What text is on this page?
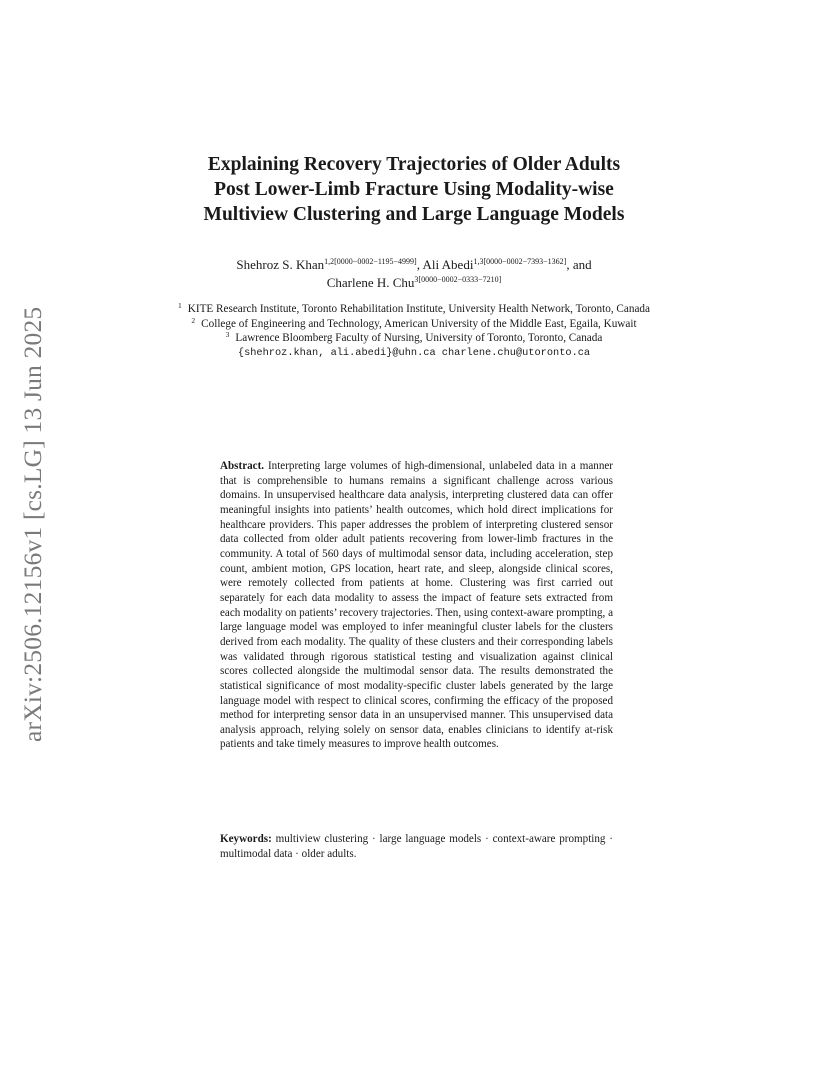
arXiv:2506.12156v1 [cs.LG] 13 Jun 2025
Explaining Recovery Trajectories of Older Adults
Post Lower-Limb Fracture Using Modality-wise
Multiview Clustering and Large Language Models
Shehroz S. Khan$^{1,2[0000-0002-1195-4999]}$, Ali Abedi$^{1,3[0000-0002-7393-1362]}$, and
Charlene H. Chu$^{3[0000-0002-0333-7210]}$
$^1$ KITE Research Institute, Toronto Rehabilitation Institute, University Health Network, Toronto, Canada
$^2$ College of Engineering and Technology, American University of the Middle East, Egaila, Kuwait
$^3$ Lawrence Bloomberg Faculty of Nursing, University of Toronto, Toronto, Canada
{shehroz.khan, ali.abedi}@uhn.ca charlene.chu@utoronto.ca
Abstract. Interpreting large volumes of high-dimensional, unlabeled data in a manner that is comprehensible to humans remains a significant challenge across various domains. In unsupervised healthcare data analysis, interpreting clustered data can offer meaningful insights into patients’ health outcomes, which hold direct implications for healthcare providers. This paper addresses the problem of interpreting clustered sensor data collected from older adult patients recovering from lower-limb fractures in the community. A total of 560 days of multimodal sensor data, including acceleration, step count, ambient motion, GPS location, heart rate, and sleep, alongside clinical scores, were remotely collected from patients at home. Clustering was first carried out separately for each data modality to assess the impact of feature sets extracted from each modality on patients’ recovery trajectories. Then, using context-aware prompting, a large language model was employed to infer meaningful cluster labels for the clusters derived from each modality. The quality of these clusters and their corresponding labels was validated through rigorous statistical testing and visualization against clinical scores collected alongside the multimodal sensor data. The results demonstrated the statistical significance of most modality-specific cluster labels generated by the large language model with respect to clinical scores, confirming the efficacy of the proposed method for interpreting sensor data in an unsupervised manner. This unsupervised data analysis approach, relying solely on sensor data, enables clinicians to identify at-risk patients and take timely measures to improve health outcomes.
Keywords: multiview clustering · large language models · context-aware prompting · multimodal data · older adults.
